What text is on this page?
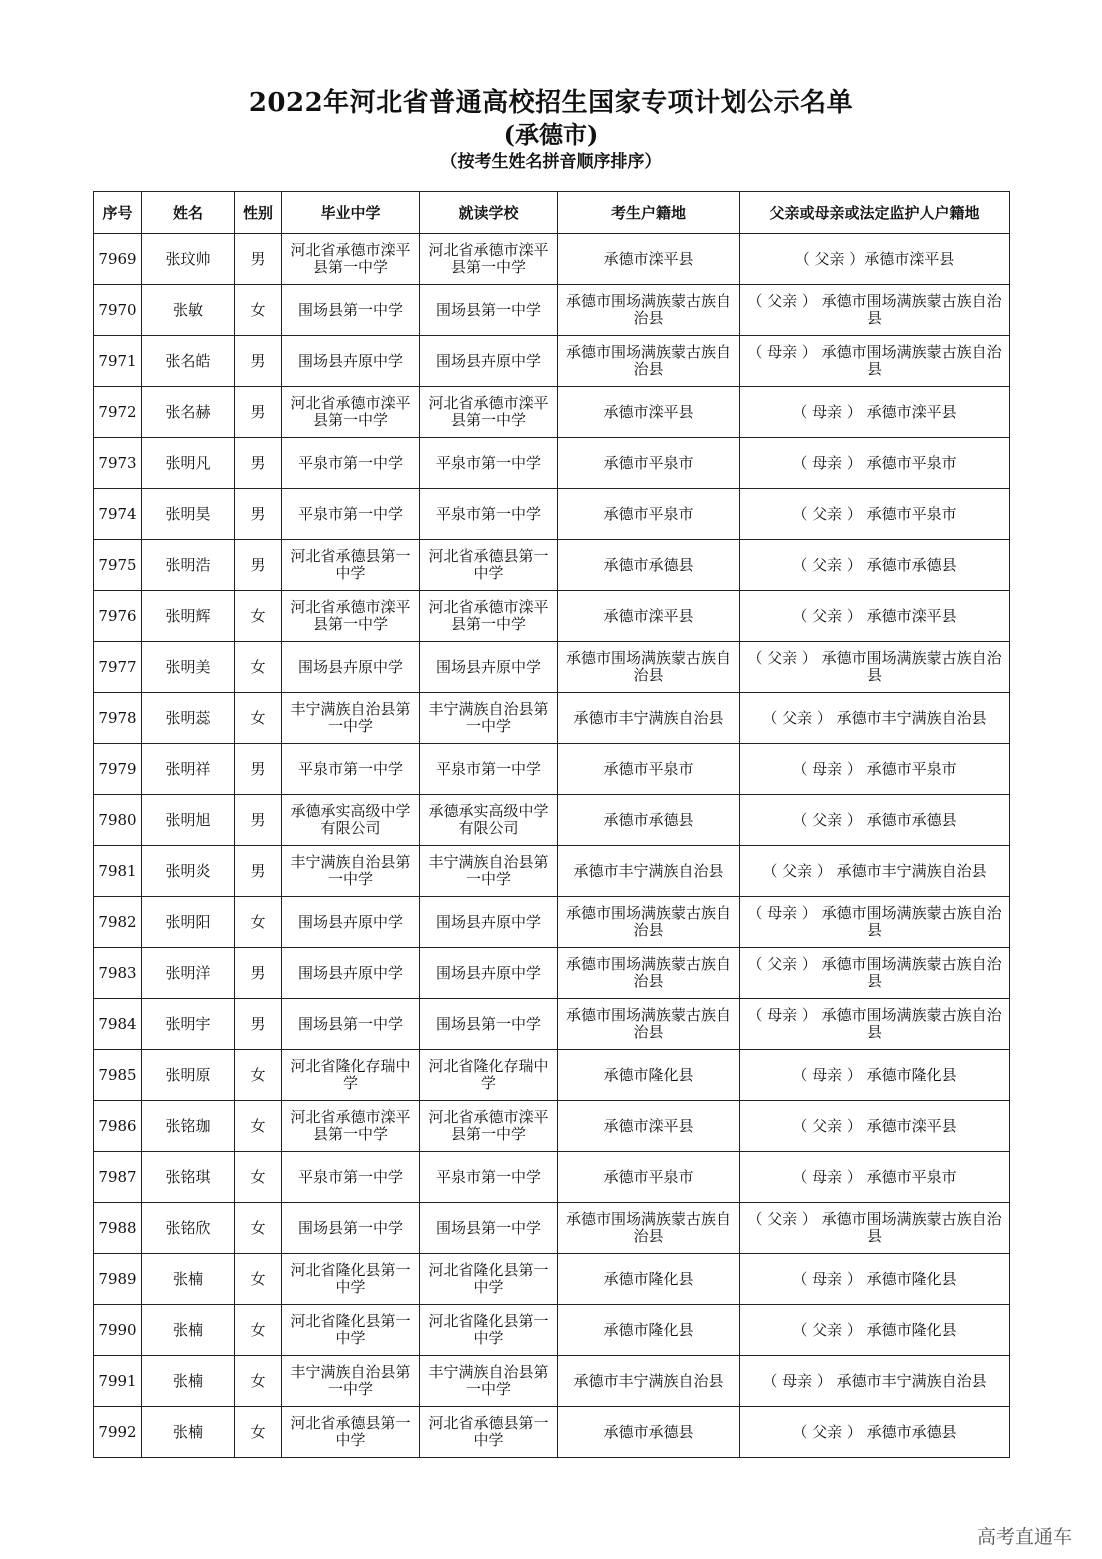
2022年河北省普通高校招生国家专项计划公示名单
(承德市)
（按考生姓名拼音顺序排序）
序号	姓名	性别	毕业中学	就读学校	考生户籍地	父亲或母亲或法定监护人户籍地
7969	张玟帅	男	河北省承德市滦平县第一中学	河北省承德市滦平县第一中学	承德市滦平县	（ 父亲 ）承德市滦平县
7970	张敏	女	围场县第一中学	围场县第一中学	承德市围场满族蒙古族自治县	（ 父亲 ） 承德市围场满族蒙古族自治县
7971	张名皓	男	围场县卉原中学	围场县卉原中学	承德市围场满族蒙古族自治县	（ 母亲 ） 承德市围场满族蒙古族自治县
7972	张名赫	男	河北省承德市滦平县第一中学	河北省承德市滦平县第一中学	承德市滦平县	（ 母亲 ） 承德市滦平县
7973	张明凡	男	平泉市第一中学	平泉市第一中学	承德市平泉市	（ 母亲 ） 承德市平泉市
7974	张明昊	男	平泉市第一中学	平泉市第一中学	承德市平泉市	（ 父亲 ） 承德市平泉市
7975	张明浩	男	河北省承德县第一中学	河北省承德县第一中学	承德市承德县	（ 父亲 ） 承德市承德县
7976	张明辉	女	河北省承德市滦平县第一中学	河北省承德市滦平县第一中学	承德市滦平县	（ 父亲 ） 承德市滦平县
7977	张明美	女	围场县卉原中学	围场县卉原中学	承德市围场满族蒙古族自治县	（ 父亲 ） 承德市围场满族蒙古族自治县
7978	张明蕊	女	丰宁满族自治县第一中学	丰宁满族自治县第一中学	承德市丰宁满族自治县	（ 父亲 ） 承德市丰宁满族自治县
7979	张明祥	男	平泉市第一中学	平泉市第一中学	承德市平泉市	（ 母亲 ） 承德市平泉市
7980	张明旭	男	承德承实高级中学有限公司	承德承实高级中学有限公司	承德市承德县	（ 父亲 ） 承德市承德县
7981	张明炎	男	丰宁满族自治县第一中学	丰宁满族自治县第一中学	承德市丰宁满族自治县	（ 父亲 ） 承德市丰宁满族自治县
7982	张明阳	女	围场县卉原中学	围场县卉原中学	承德市围场满族蒙古族自治县	（ 母亲 ） 承德市围场满族蒙古族自治县
7983	张明洋	男	围场县卉原中学	围场县卉原中学	承德市围场满族蒙古族自治县	（ 父亲 ） 承德市围场满族蒙古族自治县
7984	张明宇	男	围场县第一中学	围场县第一中学	承德市围场满族蒙古族自治县	（ 母亲 ） 承德市围场满族蒙古族自治县
7985	张明原	女	河北省隆化存瑞中学	河北省隆化存瑞中学	承德市隆化县	（ 母亲 ） 承德市隆化县
7986	张铭珈	女	河北省承德市滦平县第一中学	河北省承德市滦平县第一中学	承德市滦平县	（ 父亲 ） 承德市滦平县
7987	张铭琪	女	平泉市第一中学	平泉市第一中学	承德市平泉市	（ 母亲 ） 承德市平泉市
7988	张铭欣	女	围场县第一中学	围场县第一中学	承德市围场满族蒙古族自治县	（ 父亲 ） 承德市围场满族蒙古族自治县
7989	张楠	女	河北省隆化县第一中学	河北省隆化县第一中学	承德市隆化县	（ 母亲 ） 承德市隆化县
7990	张楠	女	河北省隆化县第一中学	河北省隆化县第一中学	承德市隆化县	（ 父亲 ） 承德市隆化县
7991	张楠	女	丰宁满族自治县第一中学	丰宁满族自治县第一中学	承德市丰宁满族自治县	（ 母亲 ） 承德市丰宁满族自治县
7992	张楠	女	河北省承德县第一中学	河北省承德县第一中学	承德市承德县	（ 父亲 ） 承德市承德县
高考直通车
